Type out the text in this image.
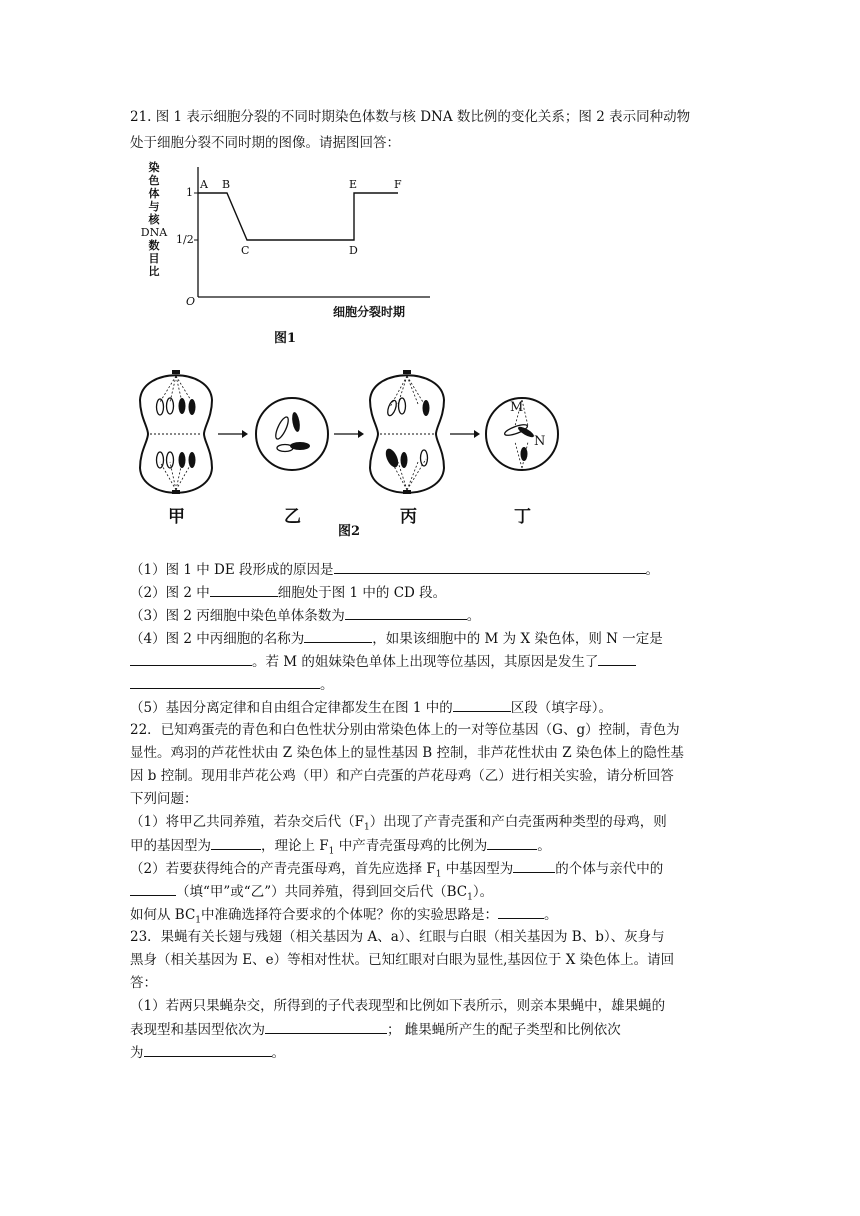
21. 图 1 表示细胞分裂的不同时期染色体数与核 DNA 数比例的变化关系；图 2 表示同种动物
处于细胞分裂不同时期的图像。请据图回答：
染
色
体
与
核
DNA
数
目
比
1
1/2
O
A B
C	D
E	F
细胞分裂时期
图1
M
N
甲	乙	丙	丁
图2
（1）图 1 中 DE 段形成的原因是	。
（2）图 2 中	细胞处于图 1 中的 CD 段。
（3）图 2 丙细胞中染色单体条数为	。
（4）图 2 中丙细胞的名称为	，如果该细胞中的 M 为 X 染色体，则 N 一定是
。若 M 的姐妹染色单体上出现等位基因，其原因是发生了
。
（5）基因分离定律和自由组合定律都发生在图 1 中的	区段（填字母）。
22．已知鸡蛋壳的青色和白色性状分别由常染色体上的一对等位基因（G、g）控制，青色为
显性。鸡羽的芦花性状由 Z 染色体上的显性基因 B 控制，非芦花性状由 Z 染色体上的隐性基
因 b 控制。现用非芦花公鸡（甲）和产白壳蛋的芦花母鸡（乙）进行相关实验，请分析回答
下列问题：
（1）将甲乙共同养殖，若杂交后代$(F_1)$出现了产青壳蛋和产白壳蛋两种类型的母鸡，则
甲的基因型为	，理论上 $F_1$ 中产青壳蛋母鸡的比例为	。
（2）若要获得纯合的产青壳蛋母鸡，首先应选择 $F_1$ 中基因型为	的个体与亲代中的
（填“甲”或“乙”）共同养殖，得到回交后代$(BC_1)$。
如何从 $BC_1$中准确选择符合要求的个体呢？你的实验思路是：	。
23．果蝇有关长翅与残翅（相关基因为 A、a）、红眼与白眼（相关基因为 B、b）、灰身与
黑身（相关基因为 E、e）等相对性状。已知红眼对白眼为显性,基因位于 X 染色体上。请回
答：
（1）若两只果蝇杂交，所得到的子代表现型和比例如下表所示，则亲本果蝇中，雄果蝇的
表现型和基因型依次为	； 雌果蝇所产生的配子类型和比例依次
为	。
